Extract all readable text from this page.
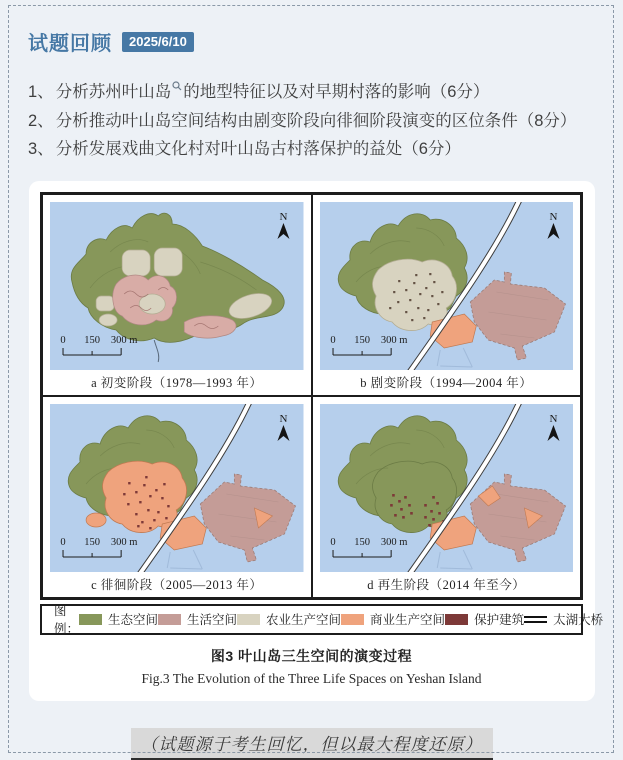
试题回顾	2025/6/10
1、 分析苏州叶山岛 的地型特征以及对早期村落的影响（6分）
2、 分析推动叶山岛空间结构由剧变阶段向徘徊阶段演变的区位条件（8分）
3、 分析发展戏曲文化村对叶山岛古村落保护的益处（6分）
N
0 150 300 m
a 初变阶段（1978—1993 年）
N
0 150 300 m
b 剧变阶段（1994—2004 年）
N
0 150 300 m
c 徘徊阶段（2005—2013 年）
N
0 150 300 m
d 再生阶段（2014 年至今）
图例：
生态空间 生活空间 农业生产空间 商业生产空间 保护建筑 太湖大桥
图3 叶山岛三生空间的演变过程
Fig.3 The Evolution of the Three Life Spaces on Yeshan Island
（试题源于考生回忆，但以最大程度还原）
